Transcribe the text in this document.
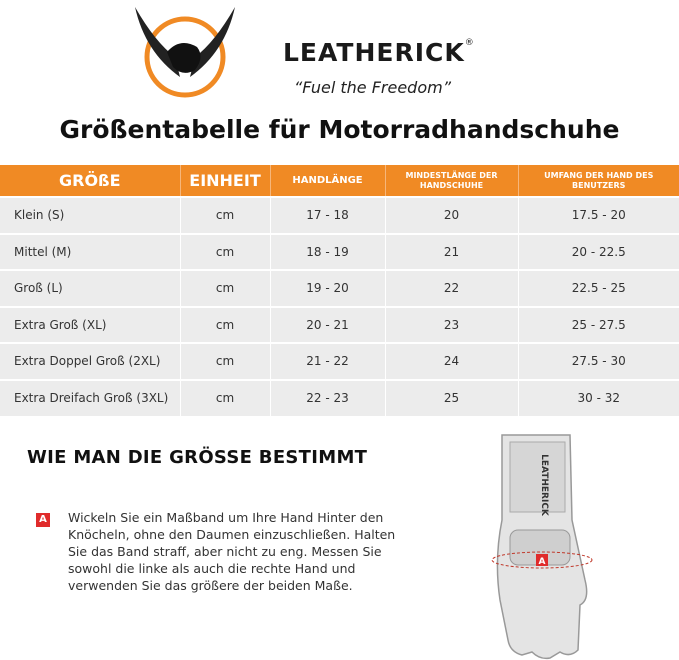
LEATHERICK®
“Fuel the Freedom”
Größentabelle für Motorradhandschuhe
GRÖßE	EINHEIT	HANDLÄNGE	MINDESTLÄNGE DER HANDSCHUHE	UMFANG DER HAND DES BENUTZERS
Klein (S)	cm	17 - 18	20	17.5 - 20
Mittel (M)	cm	18 - 19	21	20 - 22.5
Groß (L)	cm	19 - 20	22	22.5 - 25
Extra Groß (XL)	cm	20 - 21	23	25 - 27.5
Extra Doppel Groß (2XL)	cm	21 - 22	24	27.5 - 30
Extra Dreifach Groß (3XL)	cm	22 - 23	25	30 - 32
WIE MAN DIE GRÖSSE BESTIMMT
A Wickeln Sie ein Maßband um Ihre Hand Hinter den Knöcheln, ohne den Daumen einzuschließen. Halten Sie das Band straff, aber nicht zu eng. Messen Sie sowohl die linke als auch die rechte Hand und verwenden Sie das größere der beiden Maße.
LEATHERICK
A
